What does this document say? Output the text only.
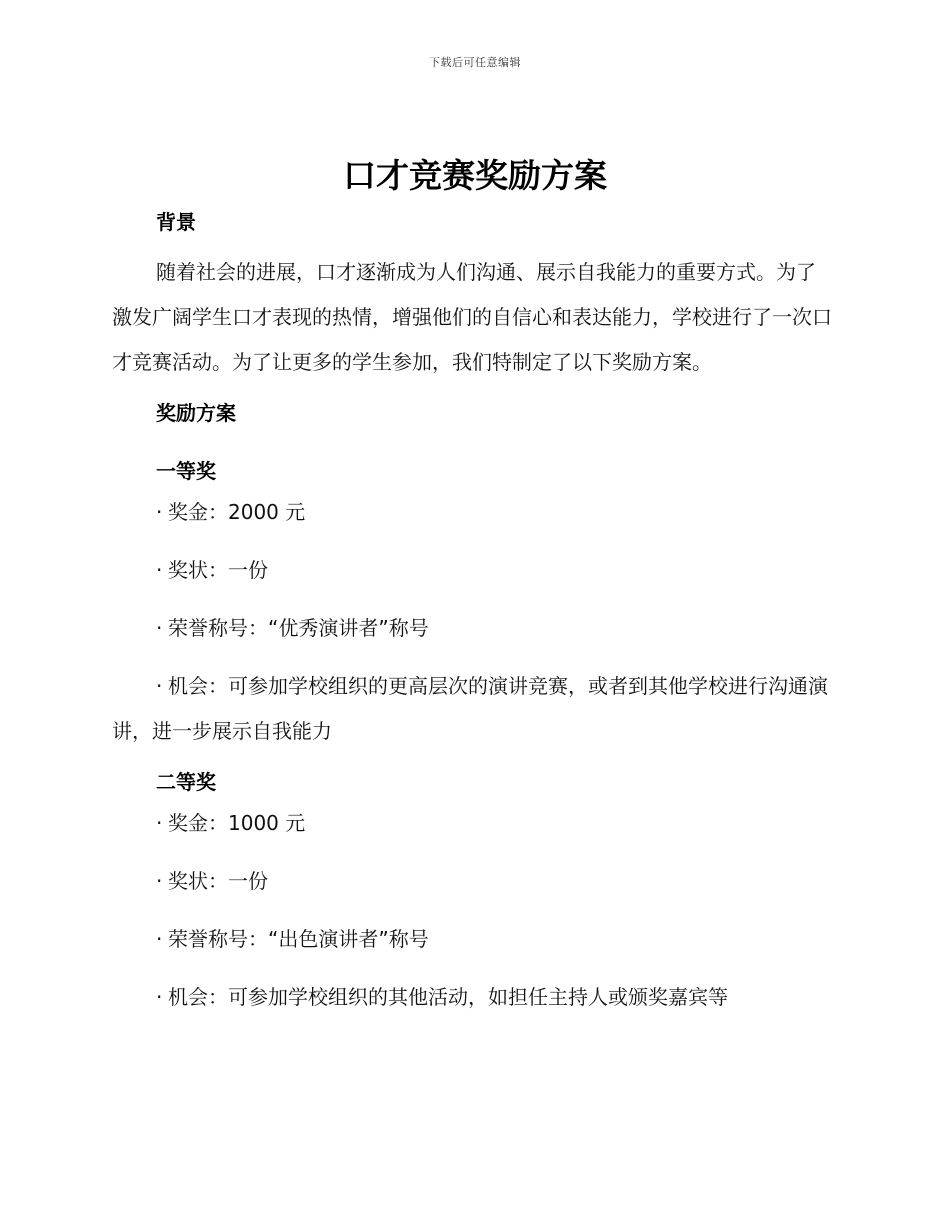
下载后可任意编辑
口才竞赛奖励方案

背景

随着社会的进展，口才逐渐成为人们沟通、展示自我能力的重要方式。为了激发广阔学生口才表现的热情，增强他们的自信心和表达能力，学校进行了一次口才竞赛活动。为了让更多的学生参加，我们特制定了以下奖励方案。

奖励方案

一等奖

· 奖金：2000 元

· 奖状：一份

· 荣誉称号：“优秀演讲者”称号

· 机会：可参加学校组织的更高层次的演讲竞赛，或者到其他学校进行沟通演讲，进一步展示自我能力

二等奖

· 奖金：1000 元

· 奖状：一份

· 荣誉称号：“出色演讲者”称号

· 机会：可参加学校组织的其他活动，如担任主持人或颁奖嘉宾等
